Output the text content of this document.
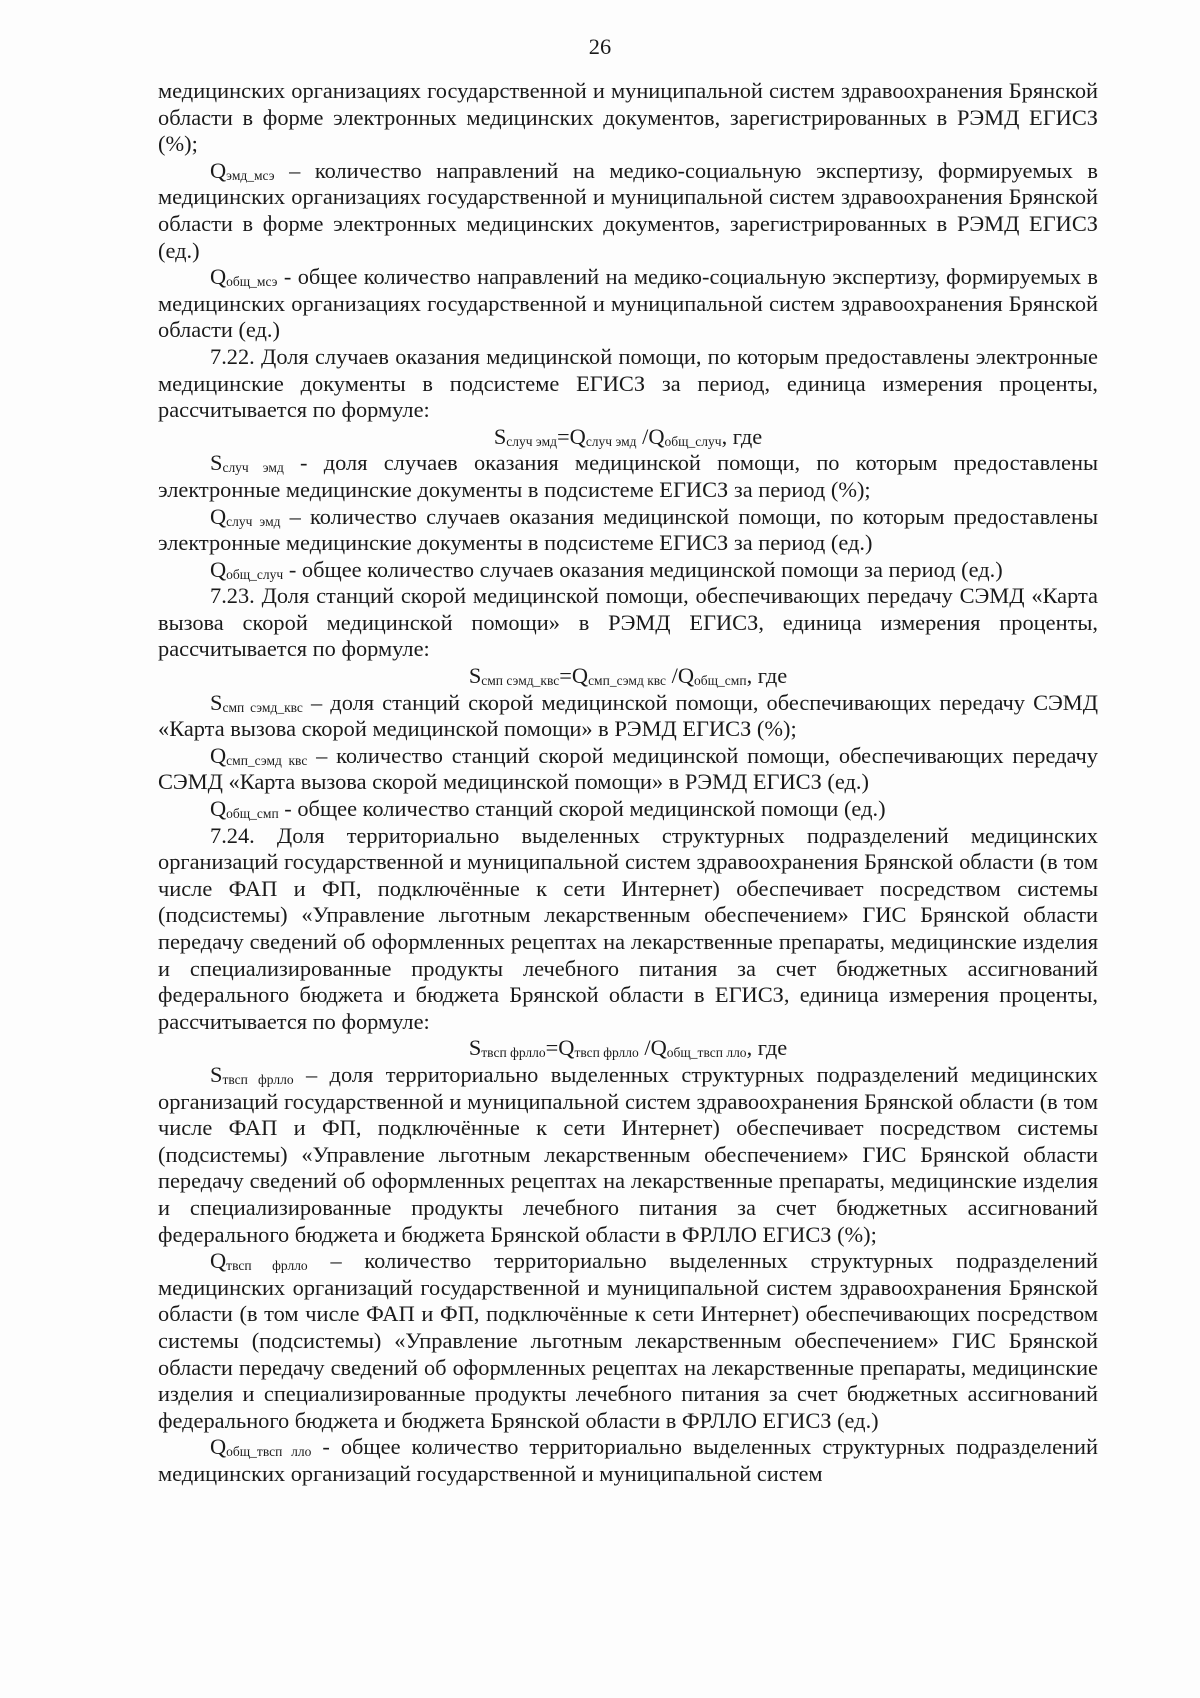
26

медицинских организациях государственной и муниципальной систем здравоохранения Брянской области в форме электронных медицинских документов, зарегистрированных в РЭМД ЕГИСЗ (%);

$Q_{эмд\_мсэ}$ – количество направлений на медико-социальную экспертизу, формируемых в медицинских организациях государственной и муниципальной систем здравоохранения Брянской области в форме электронных медицинских документов, зарегистрированных в РЭМД ЕГИСЗ (ед.)

$Q_{общ\_мсэ}$ - общее количество направлений на медико-социальную экспертизу, формируемых в медицинских организациях государственной и муниципальной систем здравоохранения Брянской области (ед.)

7.22. Доля случаев оказания медицинской помощи, по которым предоставлены электронные медицинские документы в подсистеме ЕГИСЗ за период, единица измерения проценты, рассчитывается по формуле:

$S_{случ эмд}=Q_{случ эмд}$ $/Q_{общ\_случ}$, где

$S_{случ эмд}$ - доля случаев оказания медицинской помощи, по которым предоставлены электронные медицинские документы в подсистеме ЕГИСЗ за период (%);

$Q_{случ эмд}$ – количество случаев оказания медицинской помощи, по которым предоставлены электронные медицинские документы в подсистеме ЕГИСЗ за период (ед.)

$Q_{общ\_случ}$ - общее количество случаев оказания медицинской помощи за период (ед.)

7.23. Доля станций скорой медицинской помощи, обеспечивающих передачу СЭМД «Карта вызова скорой медицинской помощи» в РЭМД ЕГИСЗ, единица измерения проценты, рассчитывается по формуле:

$S_{смп сэмд\_квс}=Q_{смп\_сэмд квс}$ $/Q_{общ\_смп}$, где

$S_{смп сэмд\_квс}$ – доля станций скорой медицинской помощи, обеспечивающих передачу СЭМД «Карта вызова скорой медицинской помощи» в РЭМД ЕГИСЗ (%);

$Q_{смп\_сэмд квс}$ – количество станций скорой медицинской помощи, обеспечивающих передачу СЭМД «Карта вызова скорой медицинской помощи» в РЭМД ЕГИСЗ (ед.)

$Q_{общ\_смп}$ - общее количество станций скорой медицинской помощи (ед.)

7.24. Доля территориально выделенных структурных подразделений медицинских организаций государственной и муниципальной систем здравоохранения Брянской области (в том числе ФАП и ФП, подключённые к сети Интернет) обеспечивает посредством системы (подсистемы) «Управление льготным лекарственным обеспечением» ГИС Брянской области передачу сведений об оформленных рецептах на лекарственные препараты, медицинские изделия и специализированные продукты лечебного питания за счет бюджетных ассигнований федерального бюджета и бюджета Брянской области в ЕГИСЗ, единица измерения проценты, рассчитывается по формуле:

$S_{твсп фрлло}=Q_{твсп фрлло}$ $/Q_{общ\_твсп лло}$, где

$S_{твсп фрлло}$ – доля территориально выделенных структурных подразделений медицинских организаций государственной и муниципальной систем здравоохранения Брянской области (в том числе ФАП и ФП, подключённые к сети Интернет) обеспечивает посредством системы (подсистемы) «Управление льготным лекарственным обеспечением» ГИС Брянской области передачу сведений об оформленных рецептах на лекарственные препараты, медицинские изделия и специализированные продукты лечебного питания за счет бюджетных ассигнований федерального бюджета и бюджета Брянской области в ФРЛЛО ЕГИСЗ (%);

$Q_{твсп фрлло}$ – количество территориально выделенных структурных подразделений медицинских организаций государственной и муниципальной систем здравоохранения Брянской области (в том числе ФАП и ФП, подключённые к сети Интернет) обеспечивающих посредством системы (подсистемы) «Управление льготным лекарственным обеспечением» ГИС Брянской области передачу сведений об оформленных рецептах на лекарственные препараты, медицинские изделия и специализированные продукты лечебного питания за счет бюджетных ассигнований федерального бюджета и бюджета Брянской области в ФРЛЛО ЕГИСЗ (ед.)

$Q_{общ\_твсп лло}$ - общее количество территориально выделенных структурных подразделений медицинских организаций государственной и муниципальной систем
